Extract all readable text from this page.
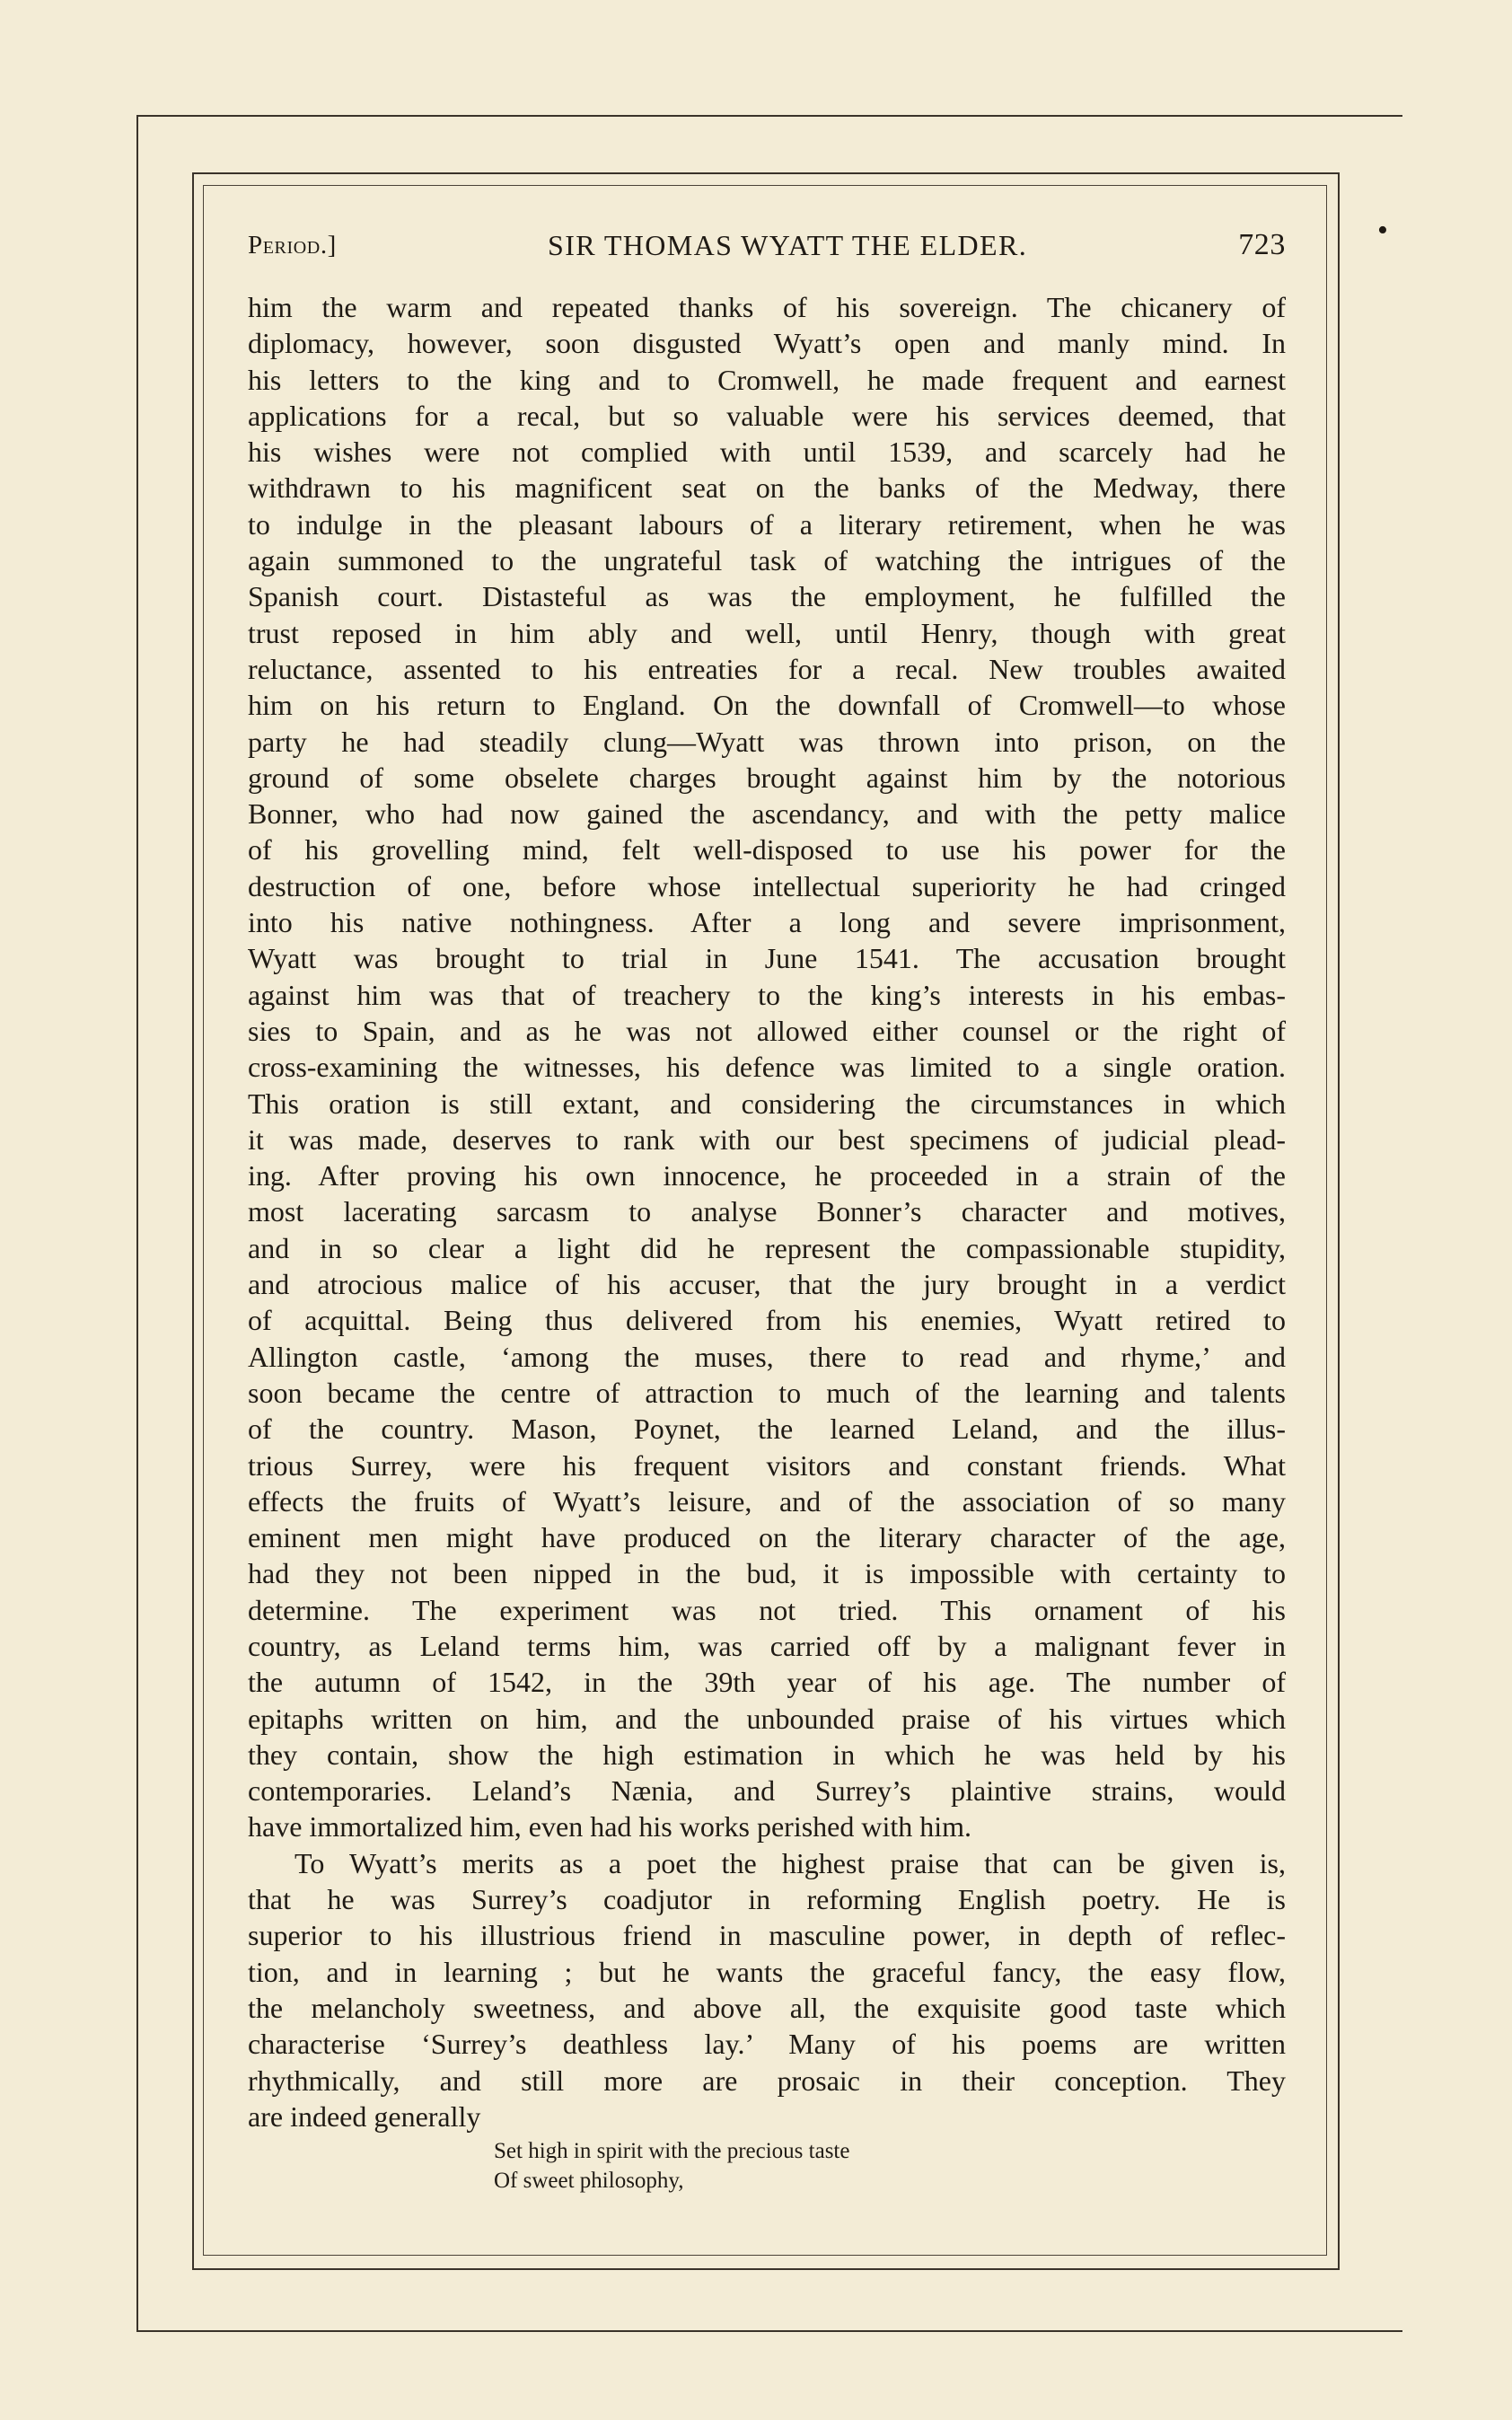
•
Period.]	SIR THOMAS WYATT THE ELDER.	723
him the warm and repeated thanks of his sovereign. The chicanery of
diplomacy, however, soon disgusted Wyatt’s open and manly mind. In
his letters to the king and to Cromwell, he made frequent and earnest
applications for a recal, but so valuable were his services deemed, that
his wishes were not complied with until 1539, and scarcely had he
withdrawn to his magnificent seat on the banks of the Medway, there
to indulge in the pleasant labours of a literary retirement, when he was
again summoned to the ungrateful task of watching the intrigues of the
Spanish court. Distasteful as was the employment, he fulfilled the
trust reposed in him ably and well, until Henry, though with great
reluctance, assented to his entreaties for a recal. New troubles awaited
him on his return to England. On the downfall of Cromwell—to whose
party he had steadily clung—Wyatt was thrown into prison, on the
ground of some obselete charges brought against him by the notorious
Bonner, who had now gained the ascendancy, and with the petty malice
of his grovelling mind, felt well-disposed to use his power for the
destruction of one, before whose intellectual superiority he had cringed
into his native nothingness. After a long and severe imprisonment,
Wyatt was brought to trial in June 1541. The accusation brought
against him was that of treachery to the king’s interests in his embas-
sies to Spain, and as he was not allowed either counsel or the right of
cross-examining the witnesses, his defence was limited to a single oration.
This oration is still extant, and considering the circumstances in which
it was made, deserves to rank with our best specimens of judicial plead-
ing. After proving his own innocence, he proceeded in a strain of the
most lacerating sarcasm to analyse Bonner’s character and motives,
and in so clear a light did he represent the compassionable stupidity,
and atrocious malice of his accuser, that the jury brought in a verdict
of acquittal. Being thus delivered from his enemies, Wyatt retired to
Allington castle, ‘among the muses, there to read and rhyme,’ and
soon became the centre of attraction to much of the learning and talents
of the country. Mason, Poynet, the learned Leland, and the illus-
trious Surrey, were his frequent visitors and constant friends. What
effects the fruits of Wyatt’s leisure, and of the association of so many
eminent men might have produced on the literary character of the age,
had they not been nipped in the bud, it is impossible with certainty to
determine. The experiment was not tried. This ornament of his
country, as Leland terms him, was carried off by a malignant fever in
the autumn of 1542, in the 39th year of his age. The number of
epitaphs written on him, and the unbounded praise of his virtues which
they contain, show the high estimation in which he was held by his
contemporaries. Leland’s Nænia, and Surrey’s plaintive strains, would
have immortalized him, even had his works perished with him.
To Wyatt’s merits as a poet the highest praise that can be given is,
that he was Surrey’s coadjutor in reforming English poetry. He is
superior to his illustrious friend in masculine power, in depth of reflec-
tion, and in learning ; but he wants the graceful fancy, the easy flow,
the melancholy sweetness, and above all, the exquisite good taste which
characterise ‘Surrey’s deathless lay.’ Many of his poems are written
rhythmically, and still more are prosaic in their conception. They
are indeed generally
Set high in spirit with the precious taste
Of sweet philosophy,
